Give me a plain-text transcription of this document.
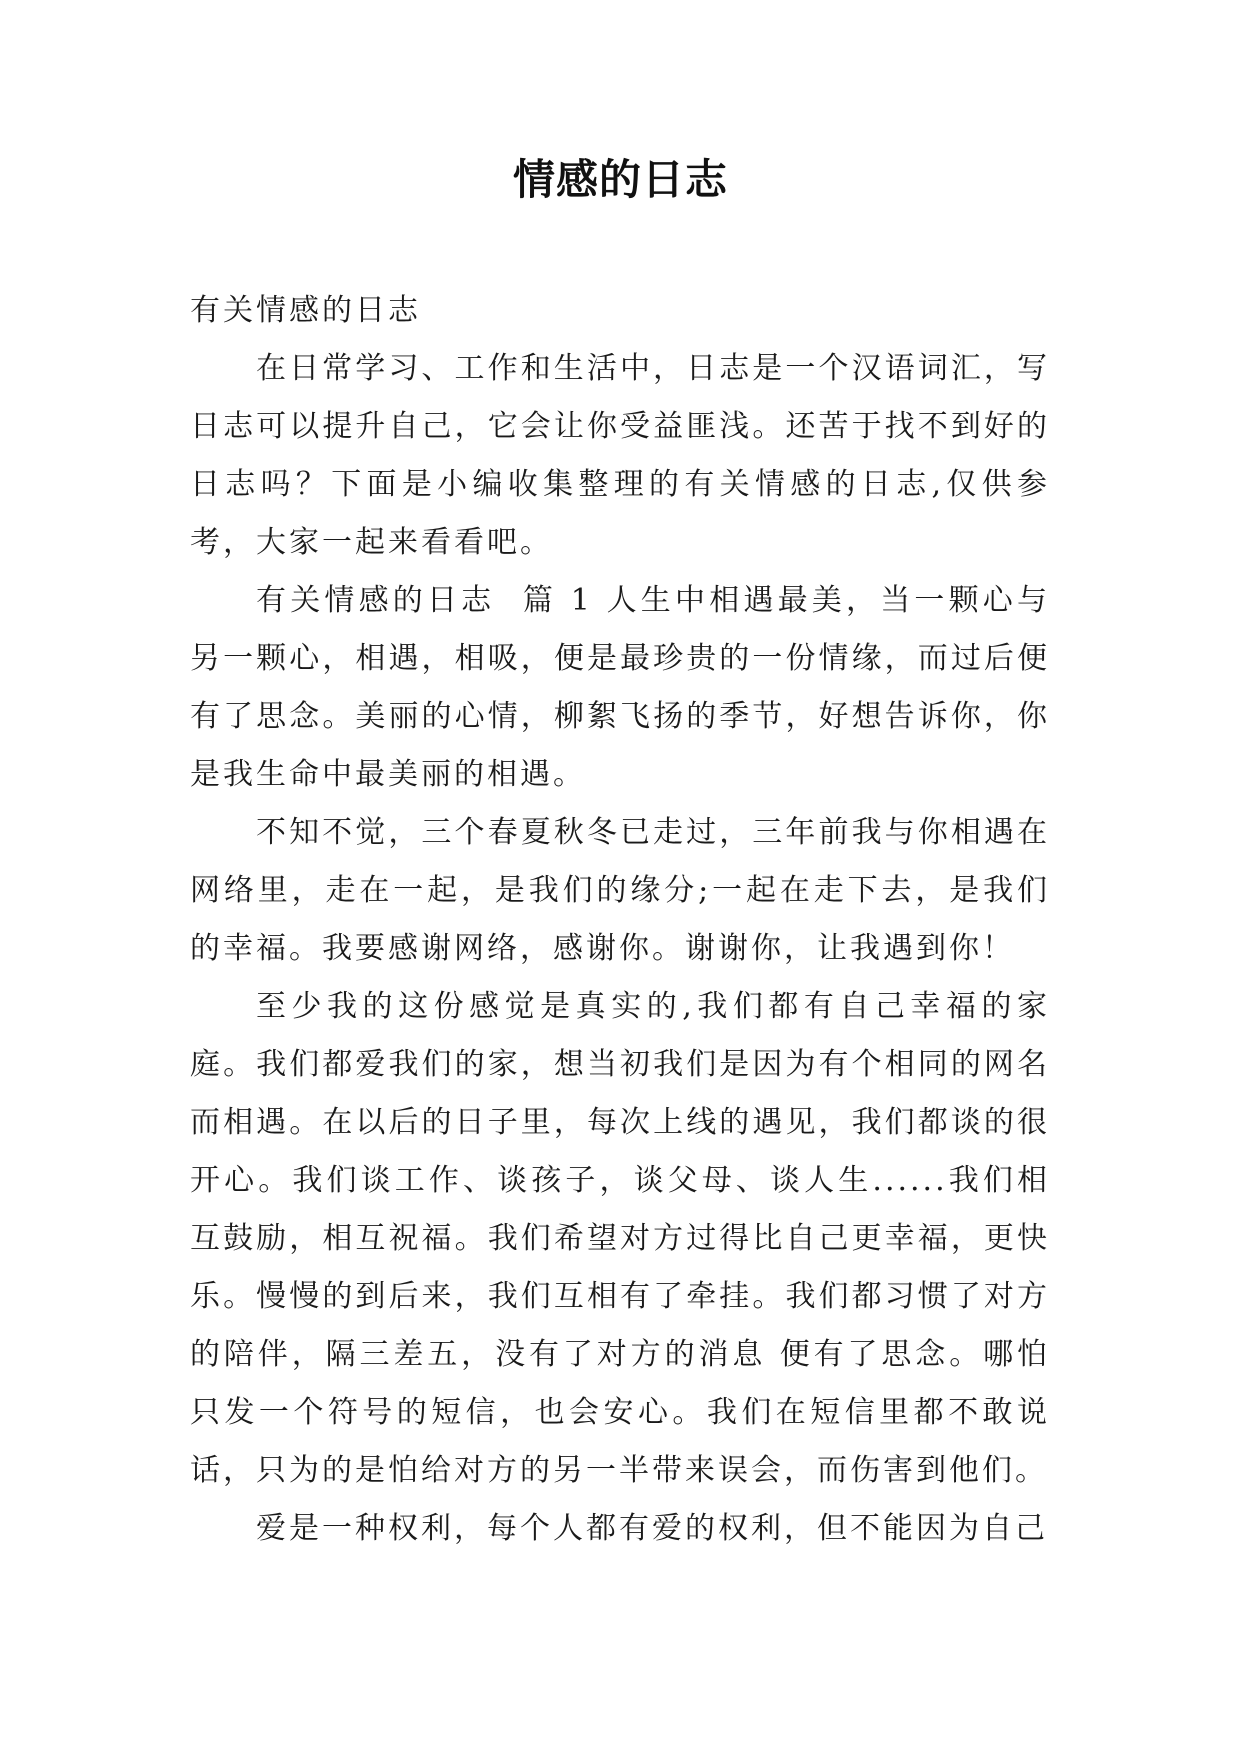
情感的日志

有关情感的日志

在日常学习、工作和生活中，日志是一个汉语词汇，写日志可以提升自己，它会让你受益匪浅。还苦于找不到好的日志吗？下面是小编收集整理的有关情感的日志,仅供参考，大家一起来看看吧。

有关情感的日志  篇 1 人生中相遇最美，当一颗心与另一颗心，相遇，相吸，便是最珍贵的一份情缘，而过后便有了思念。美丽的心情，柳絮飞扬的季节，好想告诉你，你是我生命中最美丽的相遇。

不知不觉，三个春夏秋冬已走过，三年前我与你相遇在网络里，走在一起，是我们的缘分;一起在走下去，是我们的幸福。我要感谢网络，感谢你。谢谢你，让我遇到你！

至少我的这份感觉是真实的,我们都有自己幸福的家庭。我们都爱我们的家，想当初我们是因为有个相同的网名而相遇。在以后的日子里，每次上线的遇见，我们都谈的很开心。我们谈工作、谈孩子，谈父母、谈人生......我们相互鼓励，相互祝福。我们希望对方过得比自己更幸福，更快乐。慢慢的到后来，我们互相有了牵挂。我们都习惯了对方的陪伴，隔三差五，没有了对方的消息 便有了思念。哪怕只发一个符号的短信，也会安心。我们在短信里都不敢说话，只为的是怕给对方的另一半带来误会，而伤害到他们。

爱是一种权利，每个人都有爱的权利，但不能因为自己
